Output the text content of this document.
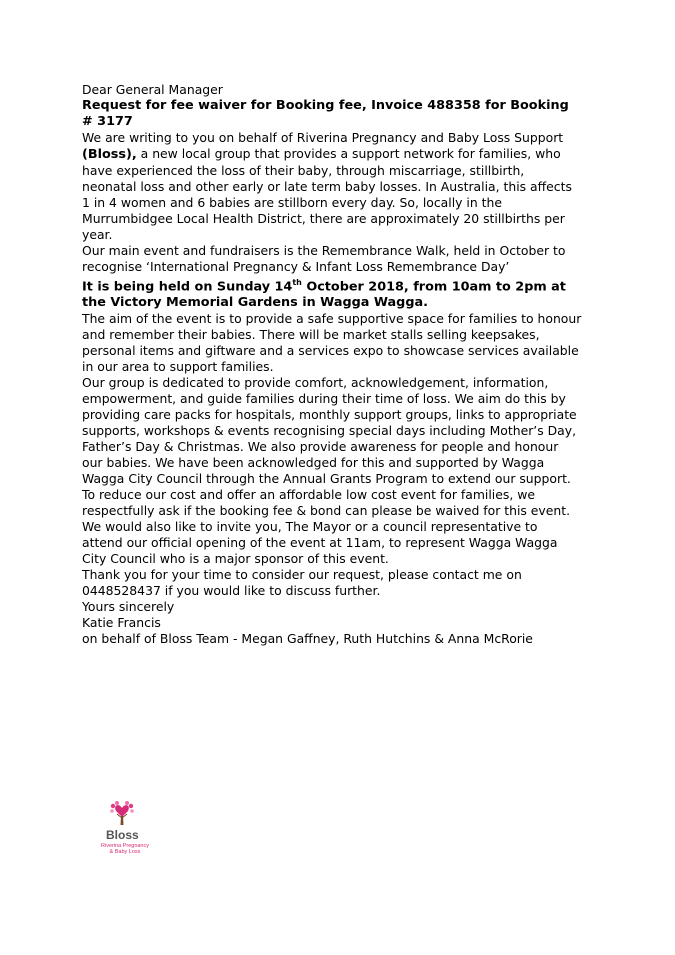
Dear General Manager

Request for fee waiver for Booking fee, Invoice 488358 for Booking # 3177

We are writing to you on behalf of Riverina Pregnancy and Baby Loss Support (Bloss), a new local group that provides a support network for families, who have experienced the loss of their baby, through miscarriage, stillbirth, neonatal loss and other early or late term baby losses. In Australia, this affects 1 in 4 women and 6 babies are stillborn every day. So, locally in the Murrumbidgee Local Health District, there are approximately 20 stillbirths per year.

Our main event and fundraisers is the Remembrance Walk, held in October to recognise ‘International Pregnancy & Infant Loss Remembrance Day’

It is being held on Sunday 14th October 2018, from 10am to 2pm at the Victory Memorial Gardens in Wagga Wagga.

The aim of the event is to provide a safe supportive space for families to honour and remember their babies. There will be market stalls selling keepsakes, personal items and giftware and a services expo to showcase services available in our area to support families.

Our group is dedicated to provide comfort, acknowledgement, information, empowerment, and guide families during their time of loss. We aim do this by providing care packs for hospitals, monthly support groups, links to appropriate supports, workshops & events recognising special days including Mother’s Day, Father’s Day & Christmas. We also provide awareness for people and honour our babies. We have been acknowledged for this and supported by Wagga Wagga City Council through the Annual Grants Program to extend our support.

To reduce our cost and offer an affordable low cost event for families, we respectfully ask if the booking fee & bond can please be waived for this event.

We would also like to invite you, The Mayor or a council representative to attend our official opening of the event at 11am, to represent Wagga Wagga City Council who is a major sponsor of this event.

Thank you for your time to consider our request, please contact me on 0448528437 if you would like to discuss further.

Yours sincerely

Katie Francis

on behalf of Bloss Team - Megan Gaffney, Ruth Hutchins & Anna McRorie

Bloss
Riverina Pregnancy
& Baby Loss
